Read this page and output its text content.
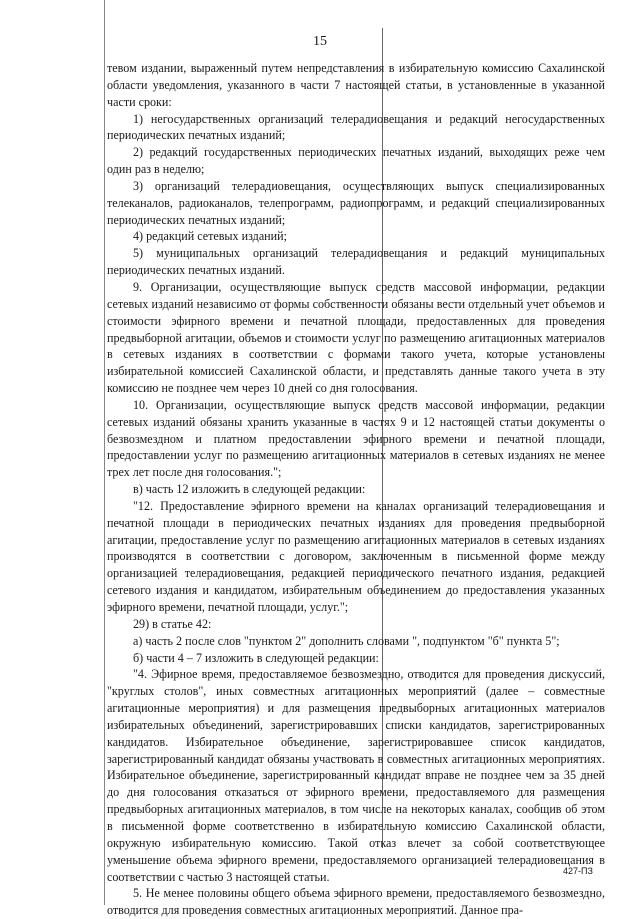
15

тевом издании, выраженный путем непредставления в избирательную комиссию Сахалинской области уведомления, указанного в части 7 настоящей статьи, в установленные в указанной части сроки:

1) негосударственных организаций телерадиовещания и редакций негосударственных периодических печатных изданий;

2) редакций государственных периодических печатных изданий, выходящих реже чем один раз в неделю;

3) организаций телерадиовещания, осуществляющих выпуск специализированных телеканалов, радиоканалов, телепрограмм, радиопрограмм, и редакций специализированных периодических печатных изданий;

4) редакций сетевых изданий;

5) муниципальных организаций телерадиовещания и редакций муниципальных периодических печатных изданий.

9. Организации, осуществляющие выпуск средств массовой информации, редакции сетевых изданий независимо от формы собственности обязаны вести отдельный учет объемов и стоимости эфирного времени и печатной площади, предоставленных для проведения предвыборной агитации, объемов и стоимости услуг по размещению агитационных материалов в сетевых изданиях в соответствии с формами такого учета, которые установлены избирательной комиссией Сахалинской области, и представлять данные такого учета в эту комиссию не позднее чем через 10 дней со дня голосования.

10. Организации, осуществляющие выпуск средств массовой информации, редакции сетевых изданий обязаны хранить указанные в частях 9 и 12 настоящей статьи документы о безвозмездном и платном предоставлении эфирного времени и печатной площади, предоставлении услуг по размещению агитационных материалов в сетевых изданиях не менее трех лет после дня голосования.";

в) часть 12 изложить в следующей редакции:

"12. Предоставление эфирного времени на каналах организаций телерадиовещания и печатной площади в периодических печатных изданиях для проведения предвыборной агитации, предоставление услуг по размещению агитационных материалов в сетевых изданиях производятся в соответствии с договором, заключенным в письменной форме между организацией телерадиовещания, редакцией периодического печатного издания, редакцией сетевого издания и кандидатом, избирательным объединением до предоставления указанных эфирного времени, печатной площади, услуг.";

29) в статье 42:

а) часть 2 после слов "пунктом 2" дополнить словами ", подпунктом "б" пункта 5";

б) части 4 – 7 изложить в следующей редакции:

"4. Эфирное время, предоставляемое безвозмездно, отводится для проведения дискуссий, "круглых столов", иных совместных агитационных мероприятий (далее – совместные агитационные мероприятия) и для размещения предвыборных агитационных материалов избирательных объединений, зарегистрировавших списки кандидатов, зарегистрированных кандидатов. Избирательное объединение, зарегистрировавшее список кандидатов, зарегистрированный кандидат обязаны участвовать в совместных агитационных мероприятиях. Избирательное объединение, зарегистрированный кандидат вправе не позднее чем за 35 дней до дня голосования отказаться от эфирного времени, предоставляемого для размещения предвыборных агитационных материалов, в том числе на некоторых каналах, сообщив об этом в письменной форме соответственно в избирательную комиссию Сахалинской области, окружную избирательную комиссию. Такой отказ влечет за собой соответствующее уменьшение объема эфирного времени, предоставляемого организацией телерадиовещания в соответствии с частью 3 настоящей статьи.

5. Не менее половины общего объема эфирного времени, предоставляемого безвозмездно, отводится для проведения совместных агитационных мероприятий. Данное пра-

427-ПЗ
